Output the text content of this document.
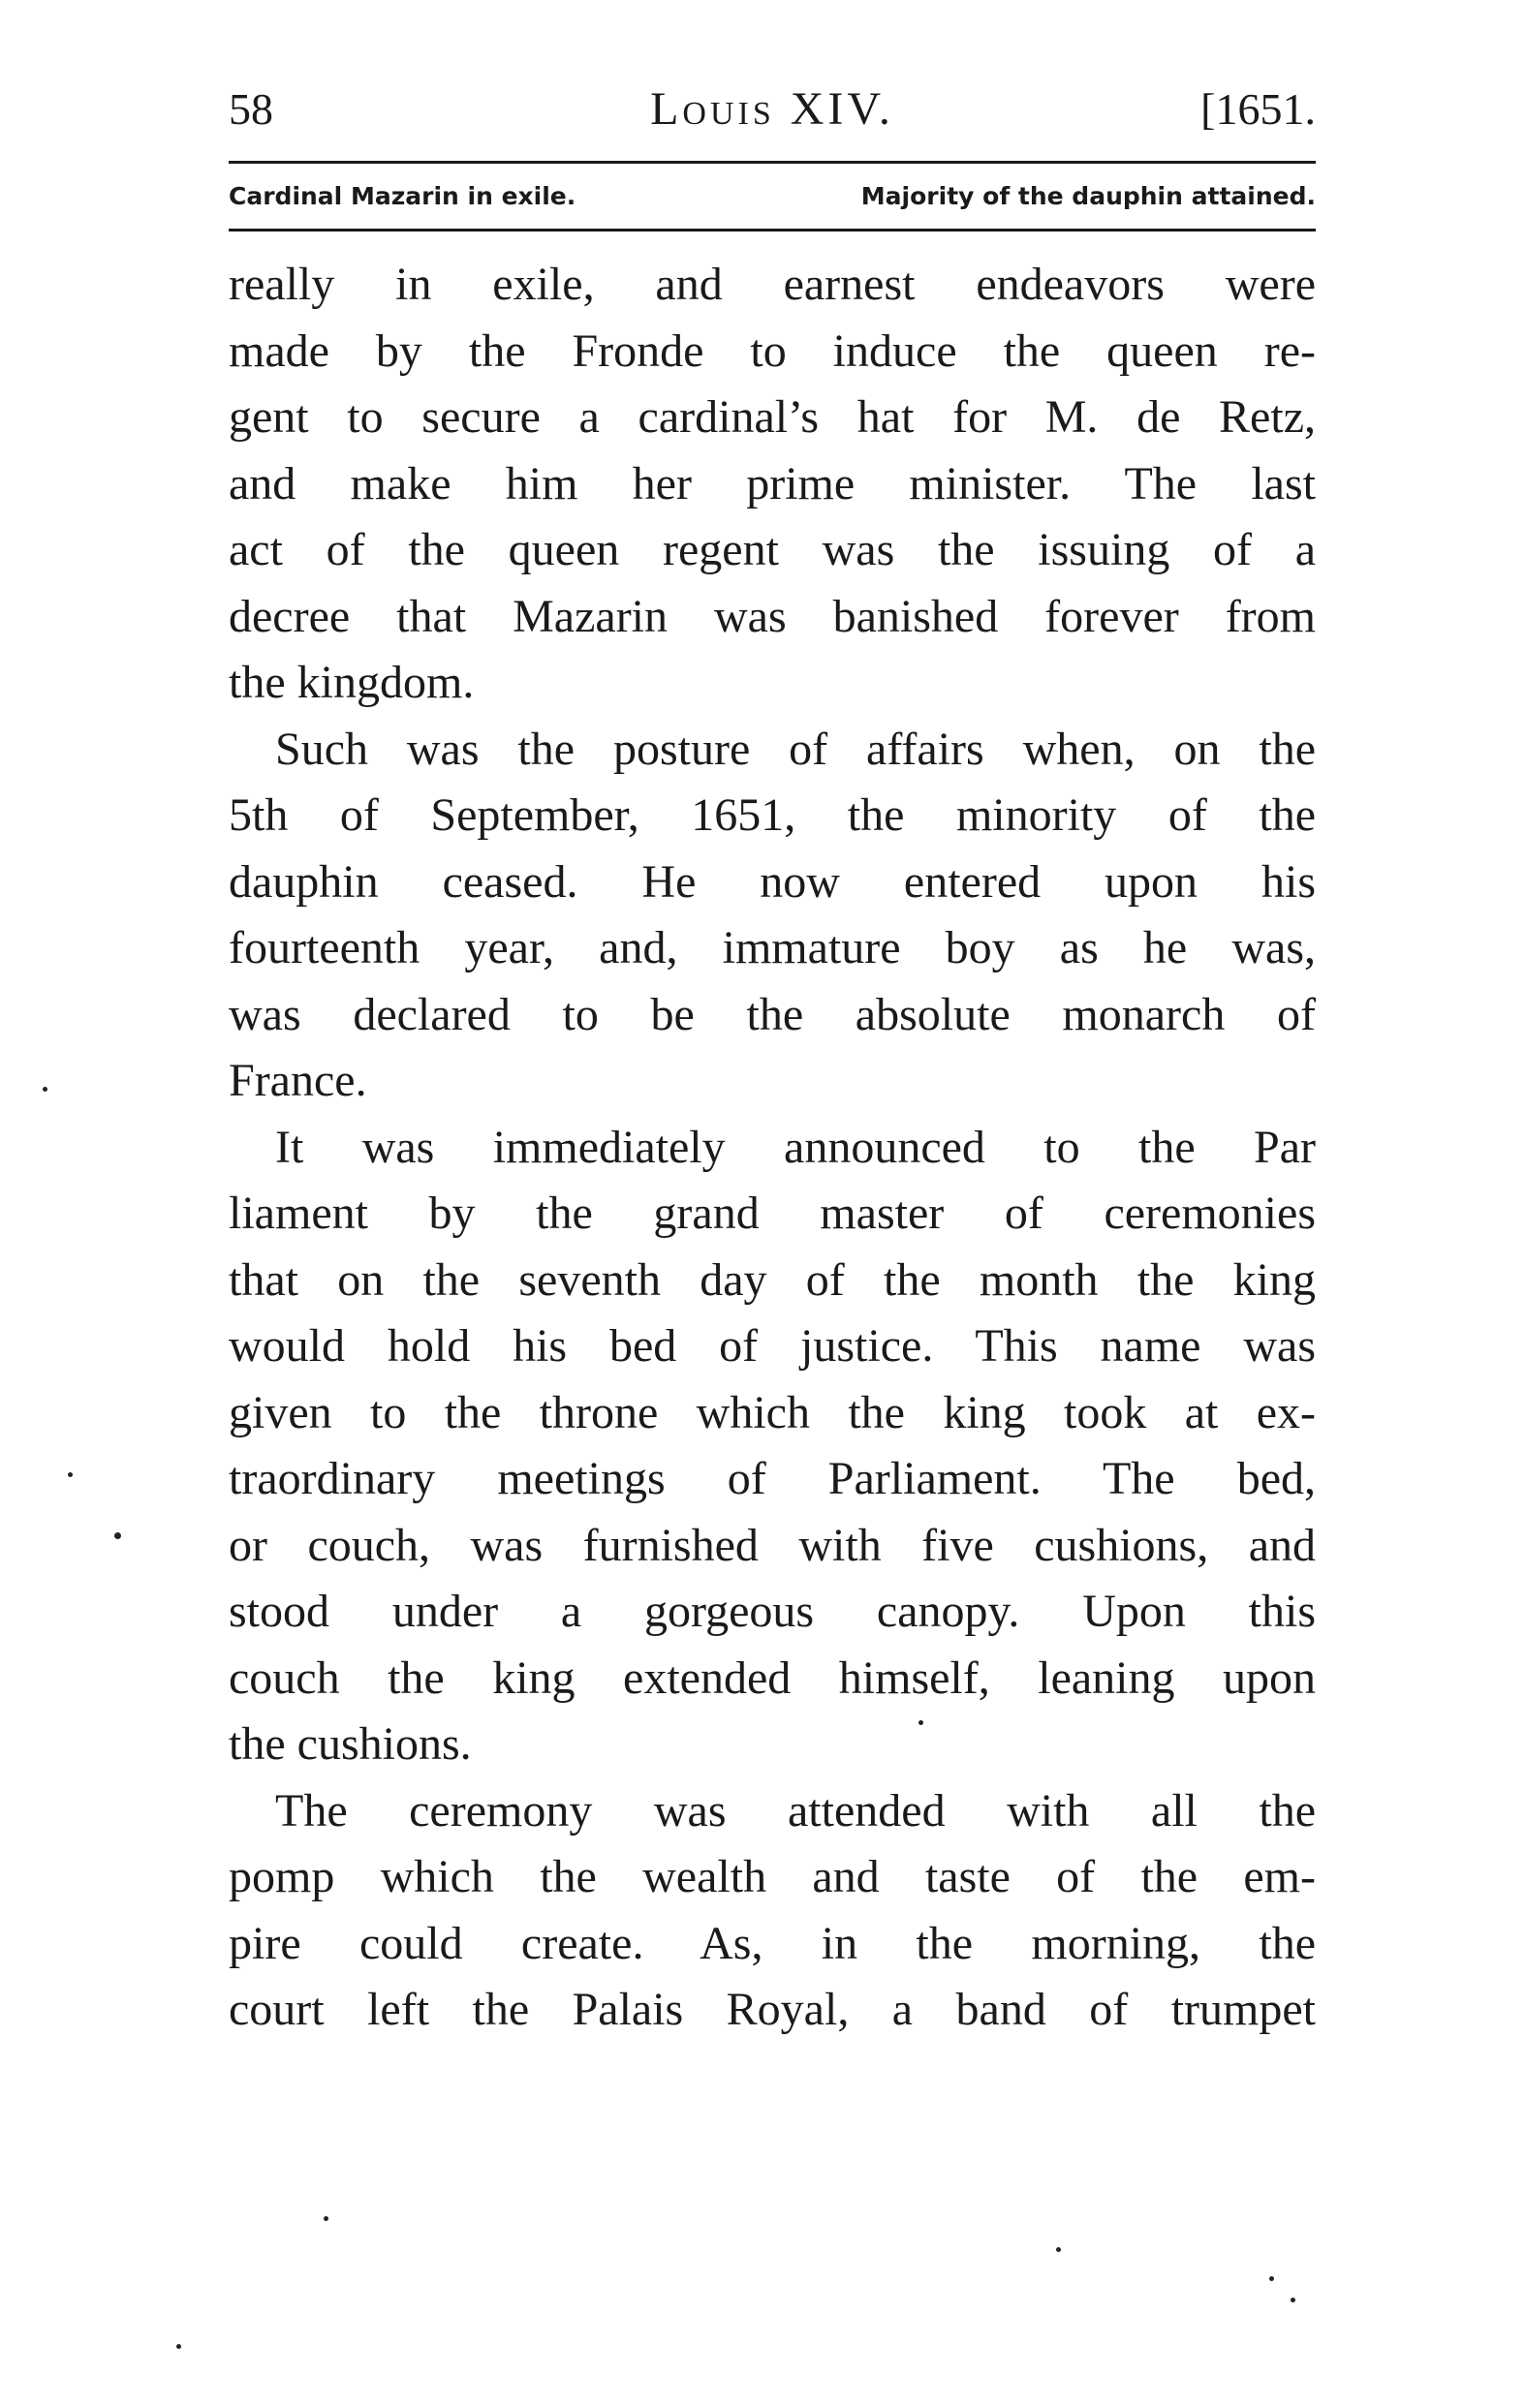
58	Louis XIV.	[1651.
Cardinal Mazarin in exile.	Majority of the dauphin attained.
really in exile, and earnest endeavors were
made by the Fronde to induce the queen re-
gent to secure a cardinal’s hat for M. de Retz,
and make him her prime minister. The last
act of the queen regent was the issuing of a
decree that Mazarin was banished forever from
the kingdom.
Such was the posture of affairs when, on the
5th of September, 1651, the minority of the
dauphin ceased. He now entered upon his
fourteenth year, and, immature boy as he was,
was declared to be the absolute monarch of
France.
It was immediately announced to the Par
liament by the grand master of ceremonies
that on the seventh day of the month the king
would hold his bed of justice. This name was
given to the throne which the king took at ex-
traordinary meetings of Parliament. The bed,
or couch, was furnished with five cushions, and
stood under a gorgeous canopy. Upon this
couch the king extended himself, leaning upon
the cushions.
The ceremony was attended with all the
pomp which the wealth and taste of the em-
pire could create. As, in the morning, the
court left the Palais Royal, a band of trumpet
